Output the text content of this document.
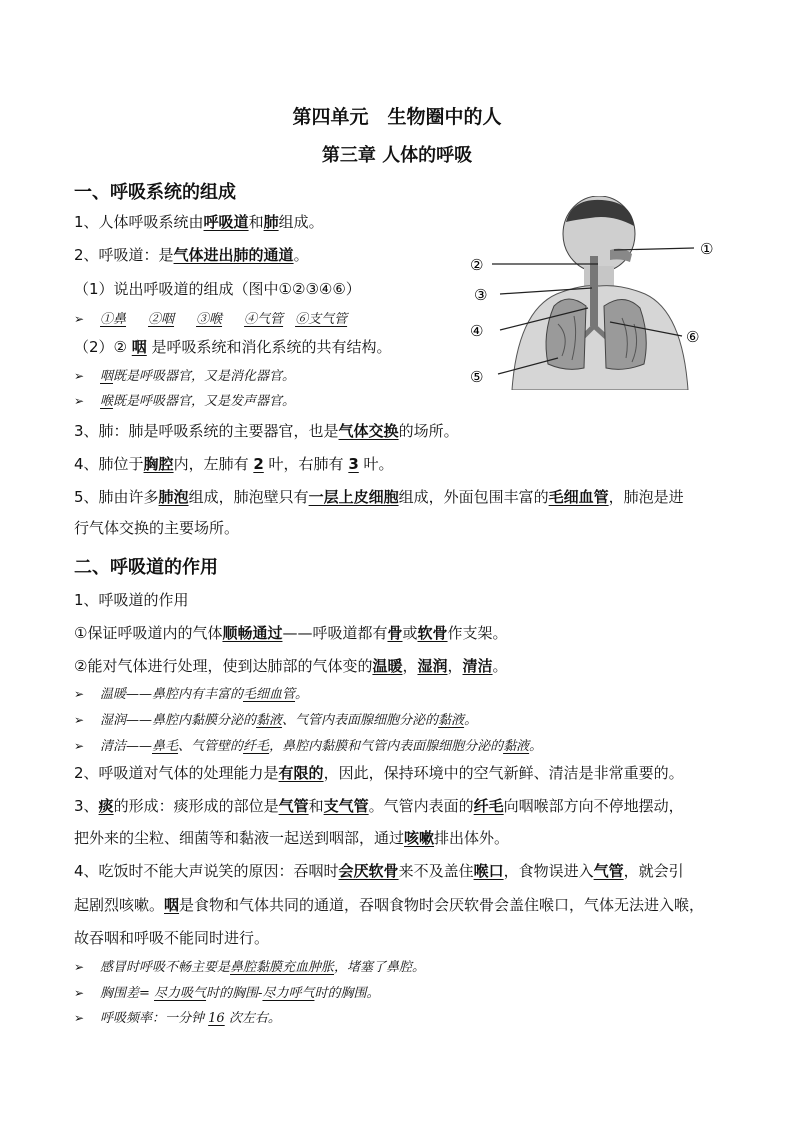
第四单元　生物圈中的人
第三章 人体的呼吸
一、呼吸系统的组成
1、人体呼吸系统由呼吸道和肺组成。
2、呼吸道：是气体进出肺的通道。
（1）说出呼吸道的组成（图中①②③④⑥）
➢ ①鼻 ②咽 ③喉 ④气管 ⑥支气管
（2）② 咽 是呼吸系统和消化系统的共有结构。
➢ 咽既是呼吸器官，又是消化器官。
➢ 喉既是呼吸器官，又是发声器官。
3、肺：肺是呼吸系统的主要器官，也是气体交换的场所。
4、肺位于胸腔内，左肺有 2 叶，右肺有 3 叶。
5、肺由许多肺泡组成，肺泡壁只有一层上皮细胞组成，外面包围丰富的毛细血管，肺泡是进
行气体交换的主要场所。
①
②
③
④
⑤
⑥
二、呼吸道的作用
1、呼吸道的作用
①保证呼吸道内的气体顺畅通过——呼吸道都有骨或软骨作支架。
②能对气体进行处理，使到达肺部的气体变的温暖，湿润，清洁。
➢ 温暖——鼻腔内有丰富的毛细血管。
➢ 湿润——鼻腔内黏膜分泌的黏液、气管内表面腺细胞分泌的黏液。
➢ 清洁——鼻毛、气管壁的纤毛，鼻腔内黏膜和气管内表面腺细胞分泌的黏液。
2、呼吸道对气体的处理能力是有限的，因此，保持环境中的空气新鲜、清洁是非常重要的。
3、痰的形成：痰形成的部位是气管和支气管。气管内表面的纤毛向咽喉部方向不停地摆动，
把外来的尘粒、细菌等和黏液一起送到咽部，通过咳嗽排出体外。
4、吃饭时不能大声说笑的原因：吞咽时会厌软骨来不及盖住喉口，食物误进入气管，就会引
起剧烈咳嗽。咽是食物和气体共同的通道，吞咽食物时会厌软骨会盖住喉口，气体无法进入喉，
故吞咽和呼吸不能同时进行。
➢ 感冒时呼吸不畅主要是鼻腔黏膜充血肿胀，堵塞了鼻腔。
➢ 胸围差= 尽力吸气时的胸围-尽力呼气时的胸围。
➢ 呼吸频率：一分钟 16 次左右。
